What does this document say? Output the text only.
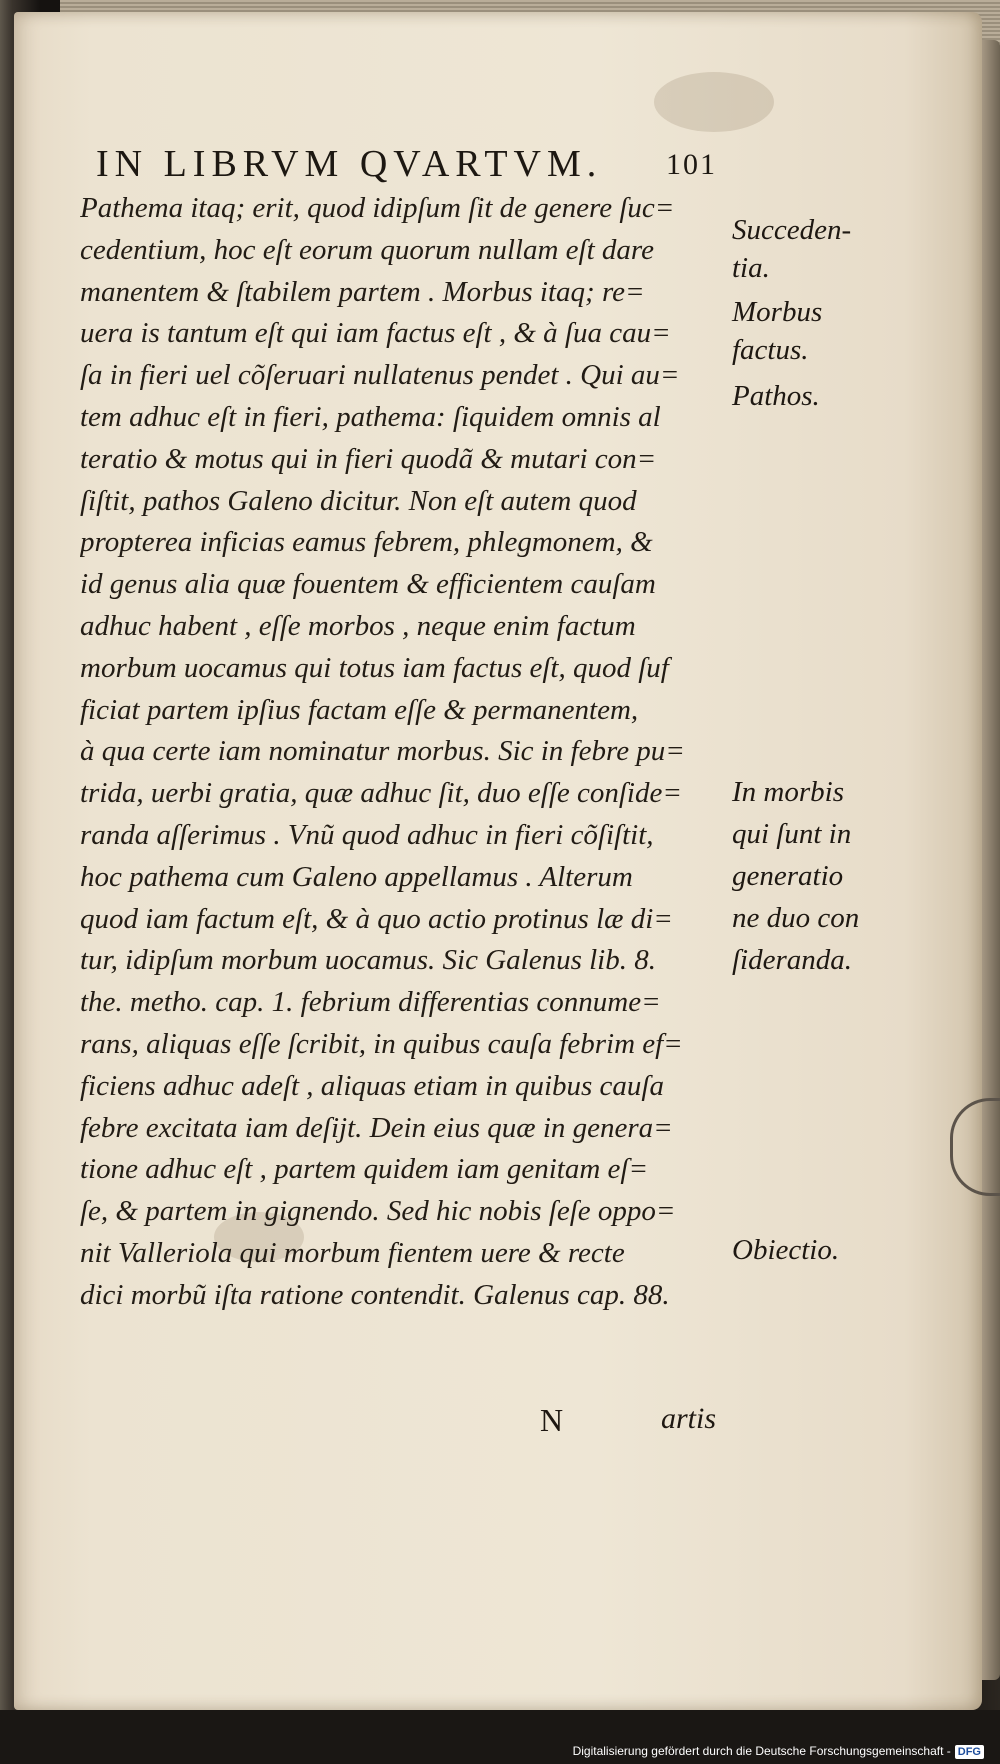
IN LIBRVM QVARTVM. 101
Pathema itaq; erit, quod idipſum ſit de genere ſuc=
cedentium, hoc eſt eorum quorum nullam eſt dare
manentem & ſtabilem partem . Morbus itaq; re=
uera is tantum eſt qui iam factus eſt , & à ſua cau=
ſa in fieri uel cõſeruari nullatenus pendet . Qui au=
tem adhuc eſt in fieri, pathema: ſiquidem omnis al
teratio & motus qui in fieri quodã & mutari con=
ſiſtit, pathos Galeno dicitur. Non eſt autem quod
propterea inficias eamus febrem, phlegmonem, &
id genus alia quæ fouentem & efficientem cauſam
adhuc habent , eſſe morbos , neque enim factum
morbum uocamus qui totus iam factus eſt, quod ſuf
ficiat partem ipſius factam eſſe & permanentem,
à qua certe iam nominatur morbus. Sic in febre pu=
trida, uerbi gratia, quæ adhuc ſit, duo eſſe conſide=
randa aſſerimus . Vnũ quod adhuc in fieri cõſiſtit,
hoc pathema cum Galeno appellamus . Alterum
quod iam factum eſt, & à quo actio protinus læ di=
tur, idipſum morbum uocamus. Sic Galenus lib. 8.
the. metho. cap. 1. febrium differentias connume=
rans, aliquas eſſe ſcribit, in quibus cauſa febrim ef=
ficiens adhuc adeſt , aliquas etiam in quibus cauſa
febre excitata iam deſijt. Dein eius quæ in genera=
tione adhuc eſt , partem quidem iam genitam eſ=
ſe, & partem in gignendo. Sed hic nobis ſeſe oppo=
nit Valleriola qui morbum fientem uere & recte
dici morbũ iſta ratione contendit. Galenus cap. 88.
Succeden-
tia.
Morbus
factus.
Pathos.
In morbis
qui ſunt in
generatio
ne duo con
ſideranda.
Obiectio.
N	artis
Digitalisierung gefördert durch die Deutsche Forschungsgemeinschaft - DFG
